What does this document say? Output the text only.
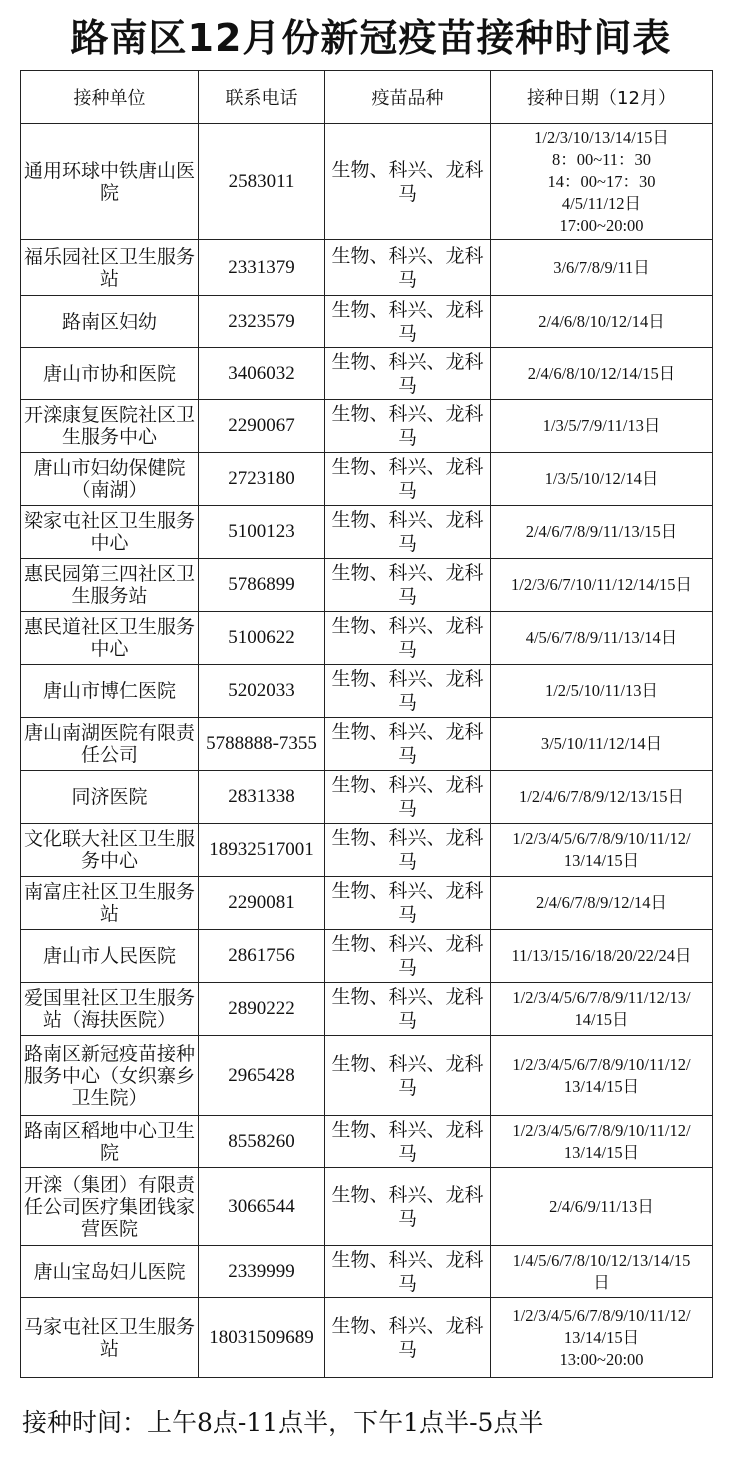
路南区12月份新冠疫苗接种时间表
接种单位	联系电话	疫苗品种	接种日期（12月）
通用环球中铁唐山医院	2583011	生物、科兴、龙科马	1/2/3/10/13/14/15日
8：00~11：30
14：00~17：30
4/5/11/12日
17:00~20:00
福乐园社区卫生服务站	2331379	生物、科兴、龙科马	3/6/7/8/9/11日
路南区妇幼	2323579	生物、科兴、龙科马	2/4/6/8/10/12/14日
唐山市协和医院	3406032	生物、科兴、龙科马	2/4/6/8/10/12/14/15日
开滦康复医院社区卫生服务中心	2290067	生物、科兴、龙科马	1/3/5/7/9/11/13日
唐山市妇幼保健院（南湖）	2723180	生物、科兴、龙科马	1/3/5/10/12/14日
梁家屯社区卫生服务中心	5100123	生物、科兴、龙科马	2/4/6/7/8/9/11/13/15日
惠民园第三四社区卫生服务站	5786899	生物、科兴、龙科马	1/2/3/6/7/10/11/12/14/15日
惠民道社区卫生服务中心	5100622	生物、科兴、龙科马	4/5/6/7/8/9/11/13/14日
唐山市博仁医院	5202033	生物、科兴、龙科马	1/2/5/10/11/13日
唐山南湖医院有限责任公司	5788888-7355	生物、科兴、龙科马	3/5/10/11/12/14日
同济医院	2831338	生物、科兴、龙科马	1/2/4/6/7/8/9/12/13/15日
文化联大社区卫生服务中心	18932517001	生物、科兴、龙科马	1/2/3/4/5/6/7/8/9/10/11/12/
13/14/15日
南富庄社区卫生服务站	2290081	生物、科兴、龙科马	2/4/6/7/8/9/12/14日
唐山市人民医院	2861756	生物、科兴、龙科马	11/13/15/16/18/20/22/24日
爱国里社区卫生服务站（海扶医院）	2890222	生物、科兴、龙科马	1/2/3/4/5/6/7/8/9/11/12/13/
14/15日
路南区新冠疫苗接种服务中心（女织寨乡卫生院）	2965428	生物、科兴、龙科马	1/2/3/4/5/6/7/8/9/10/11/12/
13/14/15日
路南区稻地中心卫生院	8558260	生物、科兴、龙科马	1/2/3/4/5/6/7/8/9/10/11/12/
13/14/15日
开滦（集团）有限责任公司医疗集团钱家营医院	3066544	生物、科兴、龙科马	2/4/6/9/11/13日
唐山宝岛妇儿医院	2339999	生物、科兴、龙科马	1/4/5/6/7/8/10/12/13/14/15
日
马家屯社区卫生服务站	18031509689	生物、科兴、龙科马	1/2/3/4/5/6/7/8/9/10/11/12/
13/14/15日
13:00~20:00
接种时间：上午8点-11点半，下午1点半-5点半
